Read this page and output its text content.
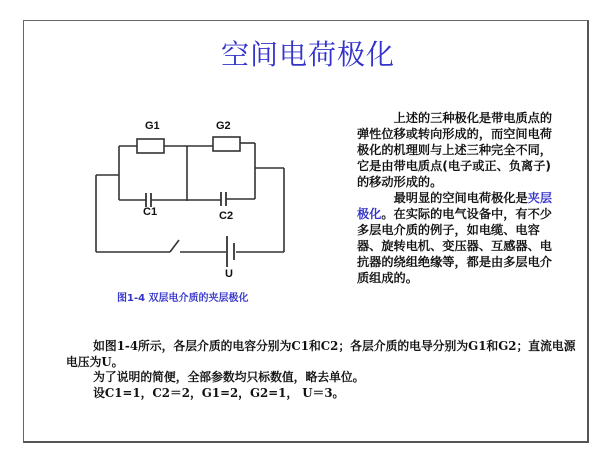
空间电荷极化
G1	G2
C1	C2
U
图1-4 双层电介质的夹层极化

上述的三种极化是带电质点的弹性位移或转向形成的，而空间电荷极化的机理则与上述三种完全不同，它是由带电质点(电子或正、负离子)的移动形成的。

最明显的空间电荷极化是夹层极化。在实际的电气设备中，有不少多层电介质的例子，如电缆、电容器、旋转电机、变压器、互感器、电抗器的绕组绝缘等，都是由多层电介质组成的。

如图1-4所示，各层介质的电容分别为C1和C2；各层介质的电导分别为G1和G2；直流电源电压为U。

为了说明的简便，全部参数均只标数值，略去单位。

设C1=1，C2＝2，G1=2，G2=1， U＝3。
